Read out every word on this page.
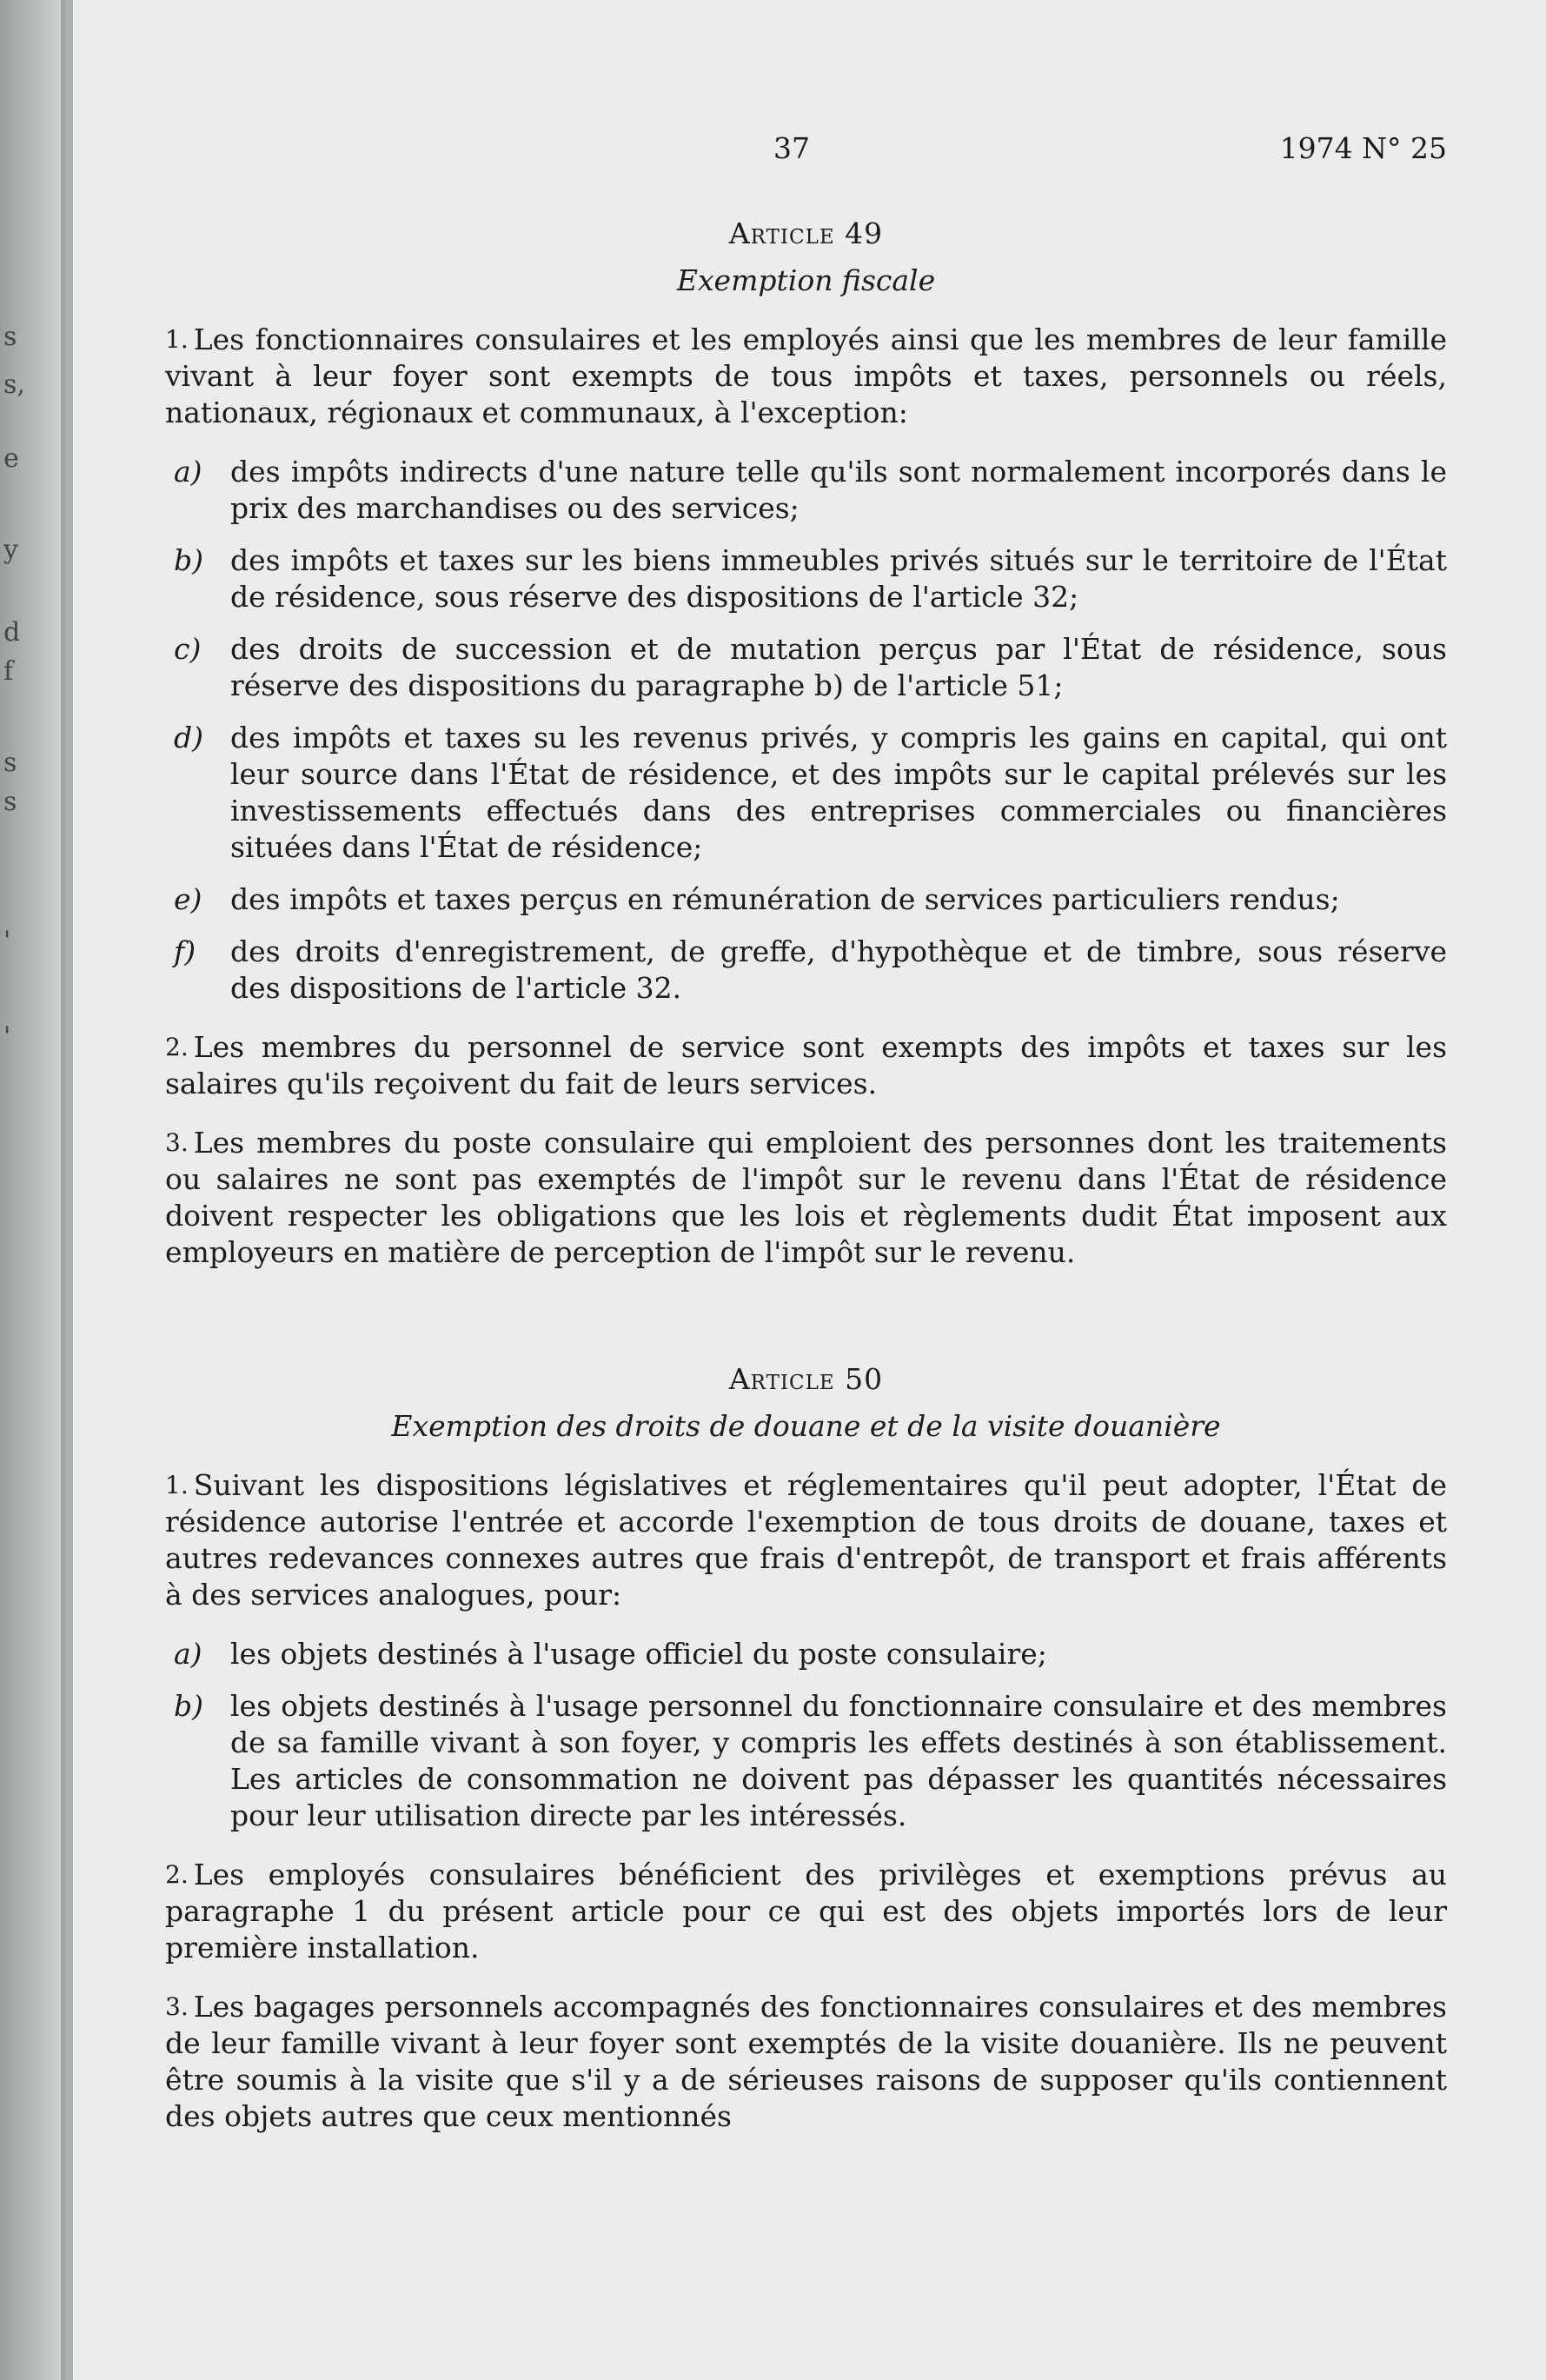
s
s,
e
y
d
f
s
s
'
'
37	1974 N° 25
Article 49
Exemption fiscale

$^{1.}$ Les fonctionnaires consulaires et les employés ainsi que les membres de leur famille vivant à leur foyer sont exempts de tous impôts et taxes, personnels ou réels, nationaux, régionaux et communaux, à l'exception:

a) des impôts indirects d'une nature telle qu'ils sont normalement incorporés dans le prix des marchandises ou des services;
b) des impôts et taxes sur les biens immeubles privés situés sur le territoire de l'État de résidence, sous réserve des dispositions de l'article 32;
c) des droits de succession et de mutation perçus par l'État de résidence, sous réserve des dispositions du paragraphe b) de l'article 51;
d) des impôts et taxes su les revenus privés, y compris les gains en capital, qui ont leur source dans l'État de résidence, et des impôts sur le capital prélevés sur les investissements effectués dans des entreprises commerciales ou financières situées dans l'État de résidence;
e) des impôts et taxes perçus en rémunération de services particuliers rendus;
f) des droits d'enregistrement, de greffe, d'hypothèque et de timbre, sous réserve des dispositions de l'article 32.

$^{2.}$ Les membres du personnel de service sont exempts des impôts et taxes sur les salaires qu'ils reçoivent du fait de leurs services.

$^{3.}$ Les membres du poste consulaire qui emploient des personnes dont les traitements ou salaires ne sont pas exemptés de l'impôt sur le revenu dans l'État de résidence doivent respecter les obligations que les lois et règlements dudit État imposent aux employeurs en matière de perception de l'impôt sur le revenu.

Article 50
Exemption des droits de douane et de la visite douanière

$^{1.}$ Suivant les dispositions législatives et réglementaires qu'il peut adopter, l'État de résidence autorise l'entrée et accorde l'exemption de tous droits de douane, taxes et autres redevances connexes autres que frais d'entrepôt, de transport et frais afférents à des services analogues, pour:

a) les objets destinés à l'usage officiel du poste consulaire;
b) les objets destinés à l'usage personnel du fonctionnaire consulaire et des membres de sa famille vivant à son foyer, y compris les effets destinés à son établissement. Les articles de consommation ne doivent pas dépasser les quantités nécessaires pour leur utilisation directe par les intéressés.

$^{2.}$ Les employés consulaires bénéficient des privilèges et exemptions prévus au paragraphe 1 du présent article pour ce qui est des objets importés lors de leur première installation.

$^{3.}$ Les bagages personnels accompagnés des fonctionnaires consulaires et des membres de leur famille vivant à leur foyer sont exemptés de la visite douanière. Ils ne peuvent être soumis à la visite que s'il y a de sérieuses raisons de supposer qu'ils contiennent des objets autres que ceux mentionnés
